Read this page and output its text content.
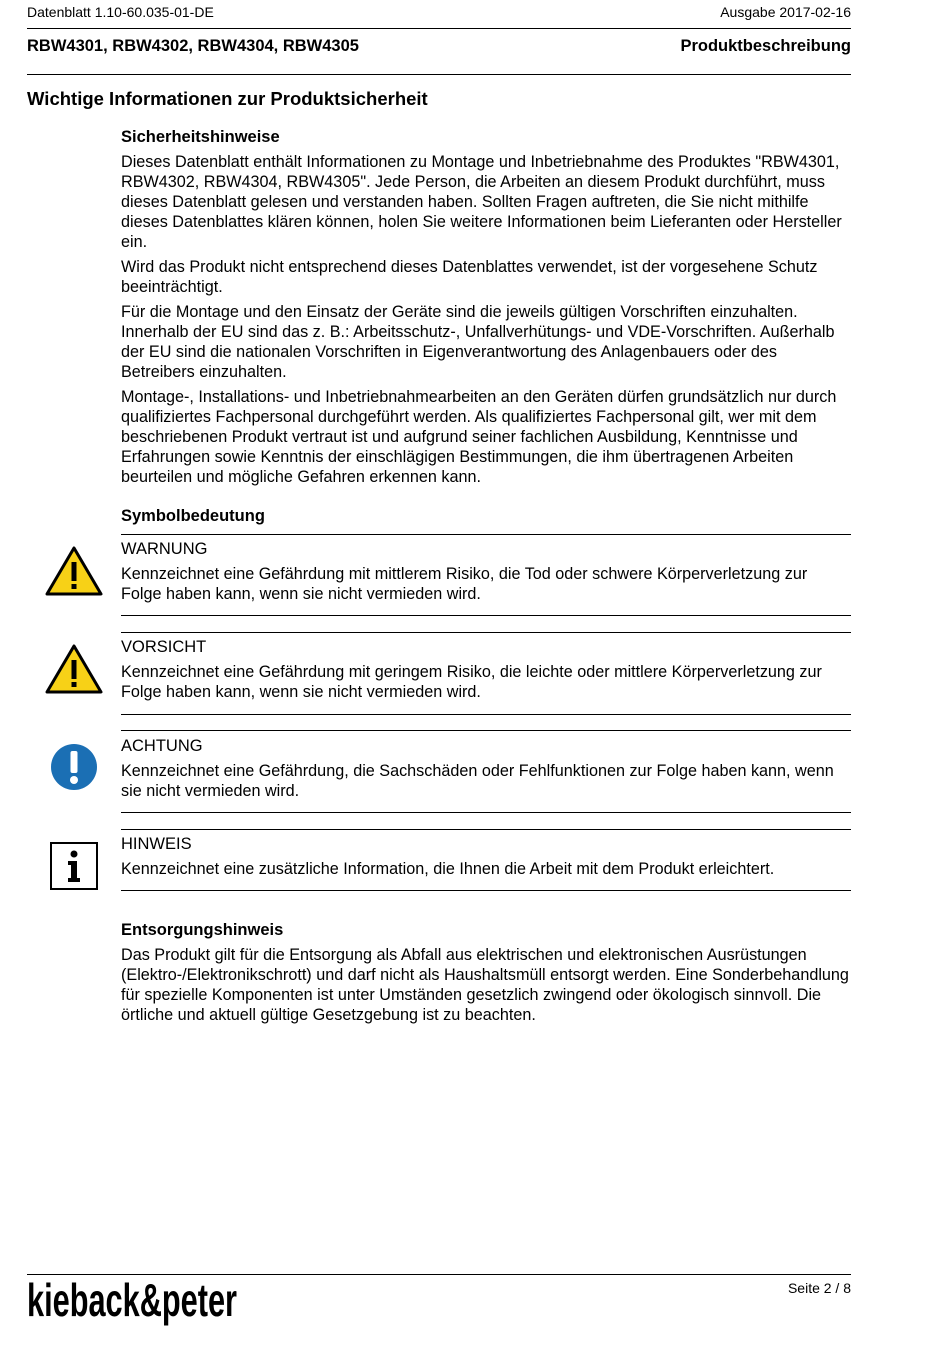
Datenblatt 1.10-60.035-01-DE	Ausgabe 2017-02-16
RBW4301, RBW4302, RBW4304, RBW4305	Produktbeschreibung
Wichtige Informationen zur Produktsicherheit
Sicherheitshinweise

Dieses Datenblatt enthält Informationen zu Montage und Inbetriebnahme des Produktes "RBW4301, RBW4302, RBW4304, RBW4305". Jede Person, die Arbeiten an diesem Produkt durchführt, muss dieses Datenblatt gelesen und verstanden haben. Sollten Fragen auftreten, die Sie nicht mithilfe dieses Datenblattes klären können, holen Sie weitere Informationen beim Lieferanten oder Hersteller ein.

Wird das Produkt nicht entsprechend dieses Datenblattes verwendet, ist der vorgesehene Schutz beeinträchtigt.

Für die Montage und den Einsatz der Geräte sind die jeweils gültigen Vorschriften einzuhalten. Innerhalb der EU sind das z. B.: Arbeitsschutz-, Unfallverhütungs- und VDE-Vorschriften. Außerhalb der EU sind die nationalen Vorschriften in Eigenverantwortung des Anlagenbauers oder des Betreibers einzuhalten.

Montage-, Installations- und Inbetriebnahmearbeiten an den Geräten dürfen grundsätzlich nur durch qualifiziertes Fachpersonal durchgeführt werden. Als qualifiziertes Fachpersonal gilt, wer mit dem beschriebenen Produkt vertraut ist und aufgrund seiner fachlichen Ausbildung, Kenntnisse und Erfahrungen sowie Kenntnis der einschlägigen Bestimmungen, die ihm übertragenen Arbeiten beurteilen und mögliche Gefahren erkennen kann.

Symbolbedeutung
WARNUNG

Kennzeichnet eine Gefährdung mit mittlerem Risiko, die Tod oder schwere Körperverletzung zur Folge haben kann, wenn sie nicht vermieden wird.

VORSICHT

Kennzeichnet eine Gefährdung mit geringem Risiko, die leichte oder mittlere Körperverletzung zur Folge haben kann, wenn sie nicht vermieden wird.

ACHTUNG

Kennzeichnet eine Gefährdung, die Sachschäden oder Fehlfunktionen zur Folge haben kann, wenn sie nicht vermieden wird.

HINWEIS

Kennzeichnet eine zusätzliche Information, die Ihnen die Arbeit mit dem Produkt erleichtert.

Entsorgungshinweis

Das Produkt gilt für die Entsorgung als Abfall aus elektrischen und elektronischen Ausrüstungen (Elektro-/Elektronikschrott) und darf nicht als Haushaltsmüll entsorgt werden. Eine Sonderbehandlung für spezielle Komponenten ist unter Umständen gesetzlich zwingend oder ökologisch sinnvoll. Die örtliche und aktuell gültige Gesetzgebung ist zu beachten.

kieback&peter	Seite 2 / 8
